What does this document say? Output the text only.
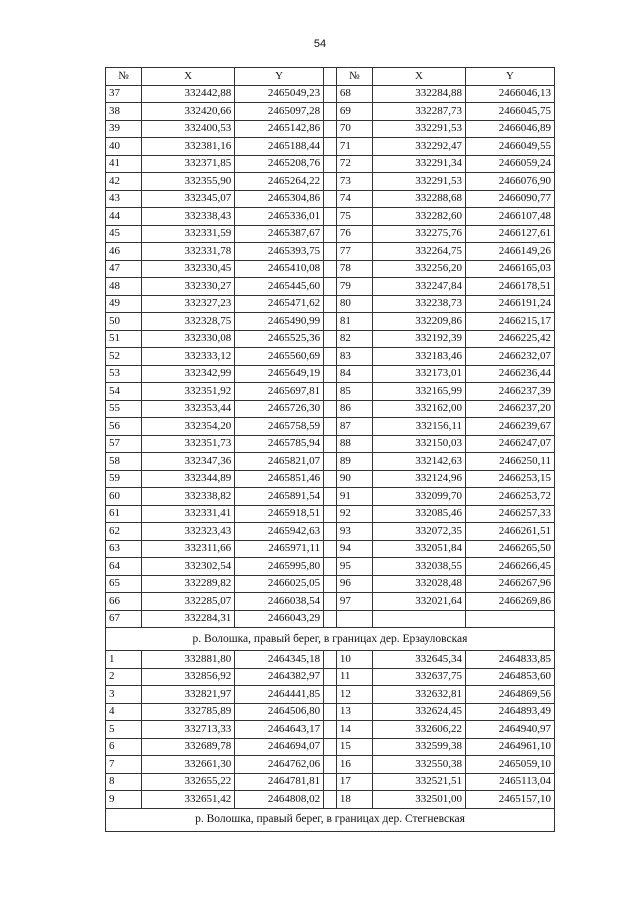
54
№	X	Y		№	X	Y
37	332442,88	2465049,23		68	332284,88	2466046,13
38	332420,66	2465097,28		69	332287,73	2466045,75
39	332400,53	2465142,86		70	332291,53	2466046,89
40	332381,16	2465188,44		71	332292,47	2466049,55
41	332371,85	2465208,76		72	332291,34	2466059,24
42	332355,90	2465264,22		73	332291,53	2466076,90
43	332345,07	2465304,86		74	332288,68	2466090,77
44	332338,43	2465336,01		75	332282,60	2466107,48
45	332331,59	2465387,67		76	332275,76	2466127,61
46	332331,78	2465393,75		77	332264,75	2466149,26
47	332330,45	2465410,08		78	332256,20	2466165,03
48	332330,27	2465445,60		79	332247,84	2466178,51
49	332327,23	2465471,62		80	332238,73	2466191,24
50	332328,75	2465490,99		81	332209,86	2466215,17
51	332330,08	2465525,36		82	332192,39	2466225,42
52	332333,12	2465560,69		83	332183,46	2466232,07
53	332342,99	2465649,19		84	332173,01	2466236,44
54	332351,92	2465697,81		85	332165,99	2466237,39
55	332353,44	2465726,30		86	332162,00	2466237,20
56	332354,20	2465758,59		87	332156,11	2466239,67
57	332351,73	2465785,94		88	332150,03	2466247,07
58	332347,36	2465821,07		89	332142,63	2466250,11
59	332344,89	2465851,46		90	332124,96	2466253,15
60	332338,82	2465891,54		91	332099,70	2466253,72
61	332331,41	2465918,51		92	332085,46	2466257,33
62	332323,43	2465942,63		93	332072,35	2466261,51
63	332311,66	2465971,11		94	332051,84	2466265,50
64	332302,54	2465995,80		95	332038,55	2466266,45
65	332289,82	2466025,05		96	332028,48	2466267,96
66	332285,07	2466038,54		97	332021,64	2466269,86
67	332284,31	2466043,29				
р. Волошка, правый берег, в границах дер. Ерзауловская						
1	332881,80	2464345,18		10	332645,34	2464833,85
2	332856,92	2464382,97		11	332637,75	2464853,60
3	332821,97	2464441,85		12	332632,81	2464869,56
4	332785,89	2464506,80		13	332624,45	2464893,49
5	332713,33	2464643,17		14	332606,22	2464940,97
6	332689,78	2464694,07		15	332599,38	2464961,10
7	332661,30	2464762,06		16	332550,38	2465059,10
8	332655,22	2464781,81		17	332521,51	2465113,04
9	332651,42	2464808,02		18	332501,00	2465157,10
р. Волошка, правый берег, в границах дер. Стегневская						
